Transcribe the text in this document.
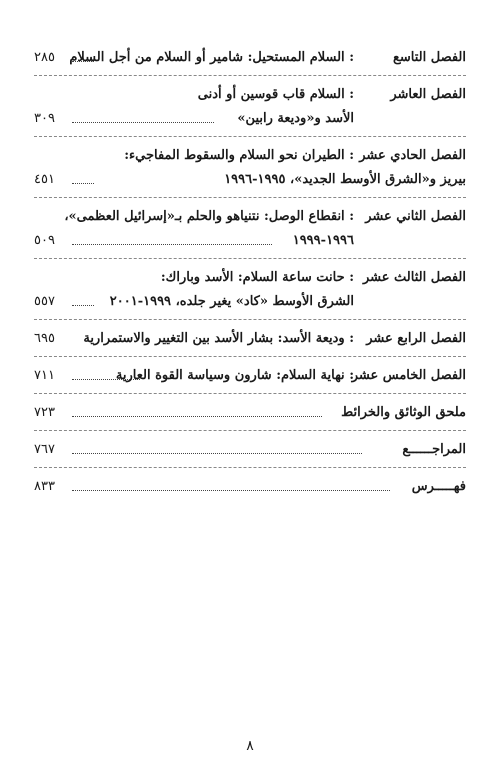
الفصل التاسع
: السلام المستحيل: شامير أو السلام من أجل السلام
٢٨٥
الفصل العاشر
: السلام قاب قوسين أو أدنى
الأسد و«وديعة رابين»
٣٠٩
الفصل الحادي عشر
: الطيران نحو السلام والسقوط المفاجيء:
بيريز و«الشرق الأوسط الجديد»، ١٩٩٥-١٩٩٦
٤٥١
الفصل الثاني عشر
: انقطاع الوصل: نتنياهو والحلم بـ«إسرائيل العظمى»،
١٩٩٦-١٩٩٩
٥٠٩
الفصل الثالث عشر
: حانت ساعة السلام: الأسد وباراك:
الشرق الأوسط «كاد» يغير جلده، ١٩٩٩-٢٠٠١
٥٥٧
الفصل الرابع عشر
: وديعة الأسد: بشار الأسد بين التغيير والاستمرارية
٦٩٥
الفصل الخامس عشر
: نهاية السلام: شارون وسياسة القوة العارية
٧١١
ملحق الوثائق والخرائط
٧٢٣
المراجــــــع
٧٦٧
فهـــــرس
٨٣٣
٨
